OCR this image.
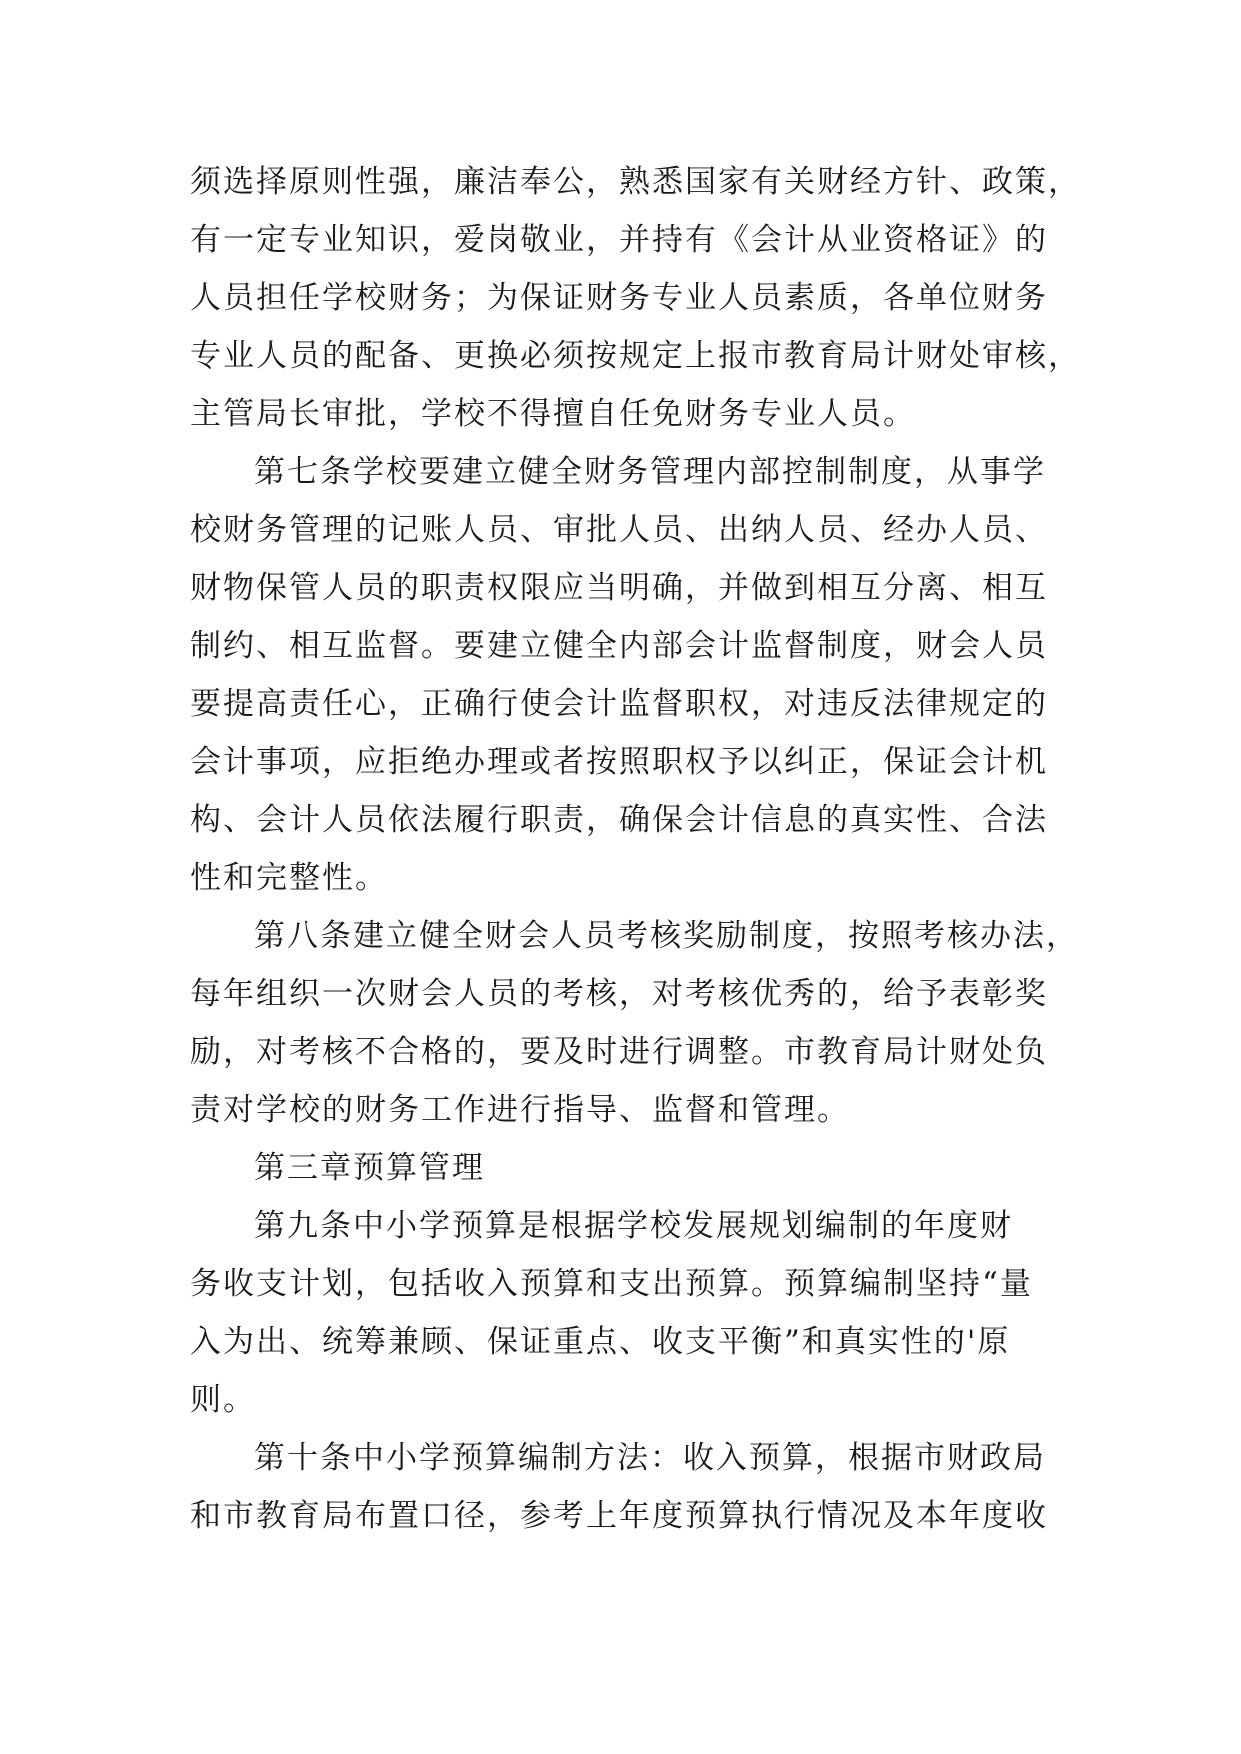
须选择原则性强，廉洁奉公，熟悉国家有关财经方针、政策，
有一定专业知识，爱岗敬业，并持有《会计从业资格证》的
人员担任学校财务；为保证财务专业人员素质，各单位财务
专业人员的配备、更换必须按规定上报市教育局计财处审核，
主管局长审批，学校不得擅自任免财务专业人员。
第七条学校要建立健全财务管理内部控制制度，从事学
校财务管理的记账人员、审批人员、出纳人员、经办人员、
财物保管人员的职责权限应当明确，并做到相互分离、相互
制约、相互监督。要建立健全内部会计监督制度，财会人员
要提高责任心，正确行使会计监督职权，对违反法律规定的
会计事项，应拒绝办理或者按照职权予以纠正，保证会计机
构、会计人员依法履行职责，确保会计信息的真实性、合法
性和完整性。
第八条建立健全财会人员考核奖励制度，按照考核办法，
每年组织一次财会人员的考核，对考核优秀的，给予表彰奖
励，对考核不合格的，要及时进行调整。市教育局计财处负
责对学校的财务工作进行指导、监督和管理。
第三章预算管理
第九条中小学预算是根据学校发展规划编制的年度财
务收支计划，包括收入预算和支出预算。预算编制坚持“量
入为出、统筹兼顾、保证重点、收支平衡”和真实性的'原
则。
第十条中小学预算编制方法：收入预算，根据市财政局
和市教育局布置口径，参考上年度预算执行情况及本年度收
